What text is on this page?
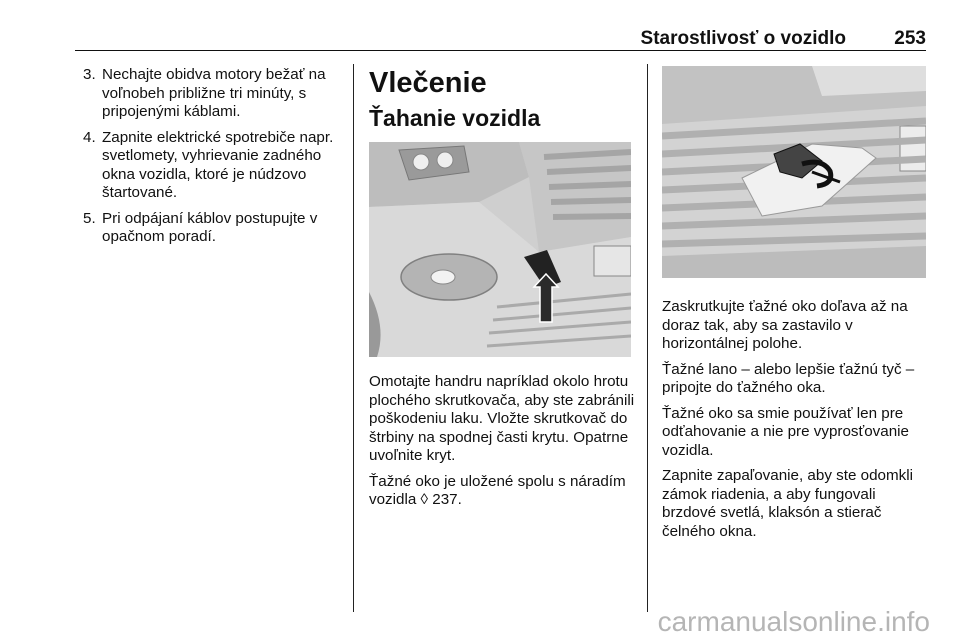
Starostlivosť o vozidlo	253
3. Nechajte obidva motory bežať na voľnobeh približne tri minúty, s pripojenými káblami.
4. Zapnite elektrické spotrebiče napr. svetlomety, vyhrievanie zadného okna vozidla, ktoré je núdzovo štartované.
5. Pri odpájaní káblov postupujte v opačnom poradí.
Vlečenie
Ťahanie vozidla

Omotajte handru napríklad okolo hrotu plochého skrutkovača, aby ste zabránili poškodeniu laku. Vložte skrutkovač do štrbiny na spodnej časti krytu. Opatrne uvoľnite kryt.

Ťažné oko je uložené spolu s náradím vozidla ◊ 237.

Zaskrutkujte ťažné oko doľava až na doraz tak, aby sa zastavilo v horizontálnej polohe.

Ťažné lano – alebo lepšie ťažnú tyč – pripojte do ťažného oka.

Ťažné oko sa smie používať len pre odťahovanie a nie pre vyprosťovanie vozidla.

Zapnite zapaľovanie, aby ste odomkli zámok riadenia, a aby fungovali brzdové svetlá, klaksón a stierač čelného okna.

carmanualsonline.info
